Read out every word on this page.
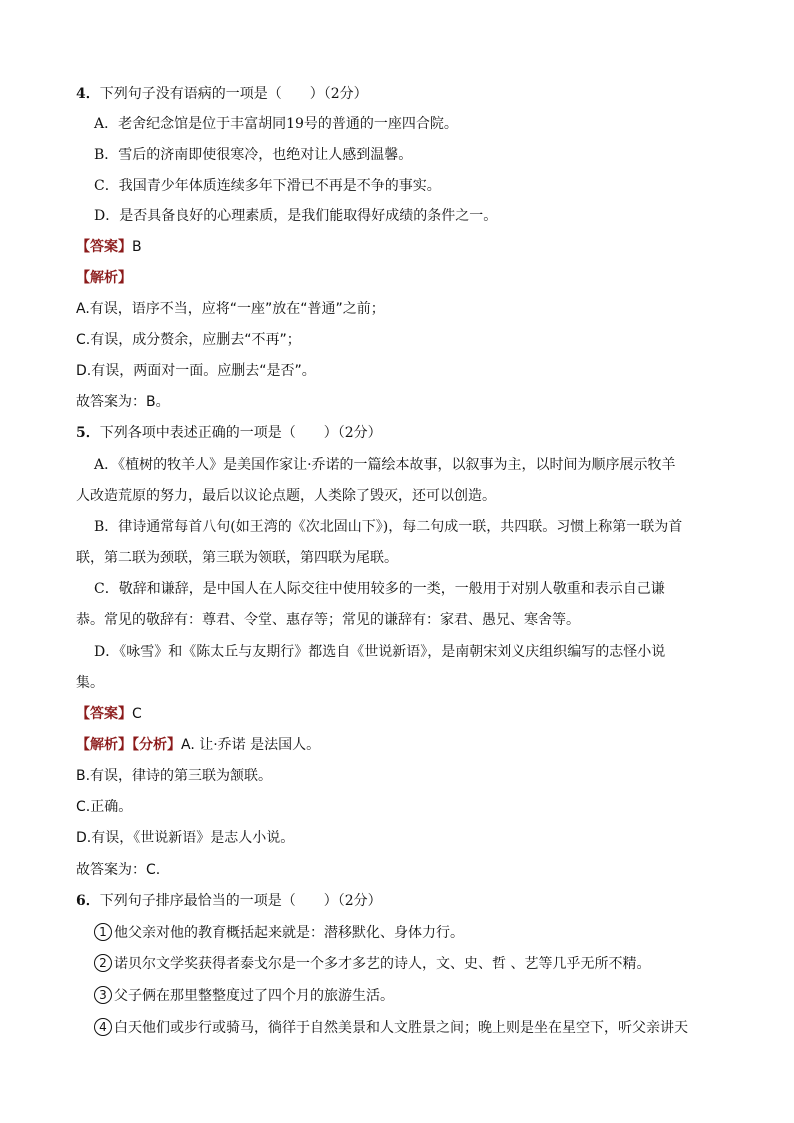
4．下列句子没有语病的一项是（　　）（2分）
A．老舍纪念馆是位于丰富胡同19号的普通的一座四合院。
B．雪后的济南即使很寒冷，也绝对让人感到温馨。
C．我国青少年体质连续多年下滑已不再是不争的事实。
D．是否具备良好的心理素质，是我们能取得好成绩的条件之一。
【答案】B
【解析】
A.有误，语序不当，应将“一座”放在“普通”之前；
C.有误，成分赘余，应删去“不再”；
D.有误，两面对一面。应删去“是否”。
故答案为：B。
5．下列各项中表述正确的一项是（　　）（2分）
A．《植树的牧羊人》是美国作家让·乔诺的一篇绘本故事，以叙事为主，以时间为顺序展示牧羊
人改造荒原的努力，最后以议论点题，人类除了毁灭，还可以创造。
B．律诗通常每首八句(如王湾的《次北固山下》)，每二句成一联，共四联。习惯上称第一联为首
联，第二联为颈联，第三联为领联，第四联为尾联。
C．敬辞和谦辞，是中国人在人际交往中使用较多的一类，一般用于对别人敬重和表示自己谦
恭。常见的敬辞有：尊君、令堂、惠存等；常见的谦辞有：家君、愚兄、寒舍等。
D．《咏雪》和《陈太丘与友期行》都选自《世说新语》，是南朝宋刘义庆组织编写的志怪小说
集。
【答案】C
【解析】【分析】A. 让·乔诺 是法国人。
B.有误，律诗的第三联为颔联。
C.正确。
D.有误，《世说新语》是志人小说。
故答案为：C.
6．下列句子排序最恰当的一项是（　　）（2分）
1 他父亲对他的教育概括起来就是：潜移默化、身体力行。
2 诺贝尔文学奖获得者泰戈尔是一个多才多艺的诗人，文、史、哲 、艺等几乎无所不精。
3 父子俩在那里整整度过了四个月的旅游生活。
4 白天他们或步行或骑马，徜徉于自然美景和人文胜景之间；晚上则是坐在星空下，听父亲讲天
